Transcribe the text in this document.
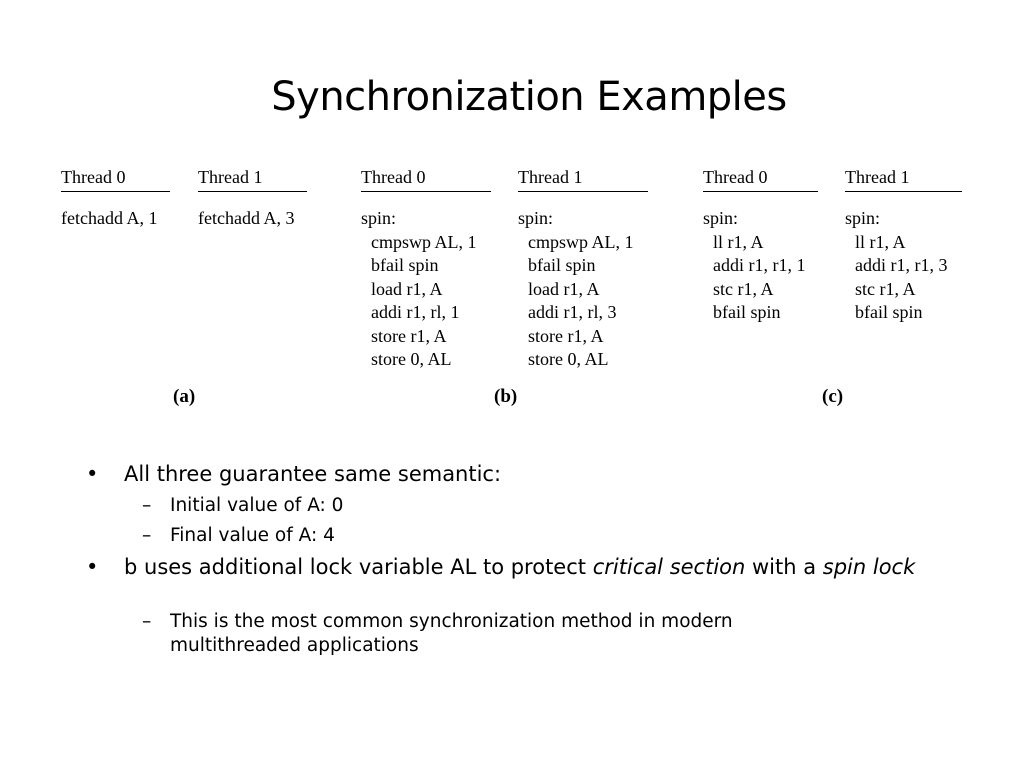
Synchronization Examples
Thread 0
fetchadd A, 1
Thread 1
fetchadd A, 3
Thread 0
spin:
cmpswp AL, 1
bfail spin
load r1, A
addi r1, rl, 1
store r1, A
store 0, AL
Thread 1
spin:
cmpswp AL, 1
bfail spin
load r1, A
addi r1, rl, 3
store r1, A
store 0, AL
Thread 0
spin:
ll r1, A
addi r1, r1, 1
stc r1, A
bfail spin
Thread 1
spin:
ll r1, A
addi r1, r1, 3
stc r1, A
bfail spin
(a)	(b)	(c)
• All three guarantee same semantic:
– Initial value of A: 0
– Final value of A: 4
• b uses additional lock variable AL to protect critical section with a spin lock
– This is the most common synchronization method in modern multithreaded applications
